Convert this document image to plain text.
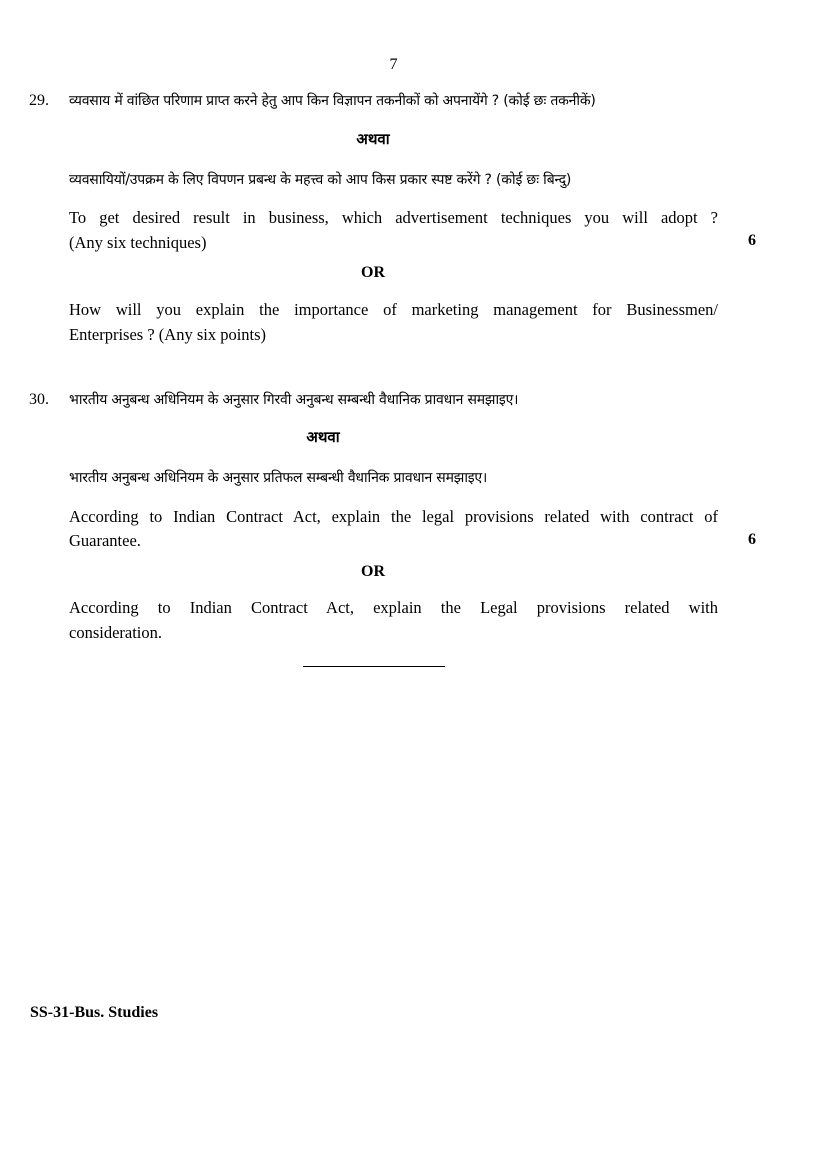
7
29. व्यवसाय में वांछित परिणाम प्राप्त करने हेतु आप किन विज्ञापन तकनीकों को अपनायेंगे ? (कोई छः तकनीकें)
अथवा
व्यवसायियों/उपक्रम के लिए विपणन प्रबन्ध के महत्त्व को आप किस प्रकार स्पष्ट करेंगे ? (कोई छः बिन्दु)
To get desired result in business, which advertisement techniques you will adopt ?
(Any six techniques)	6
OR
How will you explain the importance of marketing management for Businessmen/
Enterprises ? (Any six points)
30. भारतीय अनुबन्ध अधिनियम के अनुसार गिरवी अनुबन्ध सम्बन्धी वैधानिक प्रावधान समझाइए।
अथवा
भारतीय अनुबन्ध अधिनियम के अनुसार प्रतिफल सम्बन्धी वैधानिक प्रावधान समझाइए।
According to Indian Contract Act, explain the legal provisions related with contract of
Guarantee.	6
OR
According to Indian Contract Act, explain the Legal provisions related with
consideration.
SS-31-Bus. Studies
